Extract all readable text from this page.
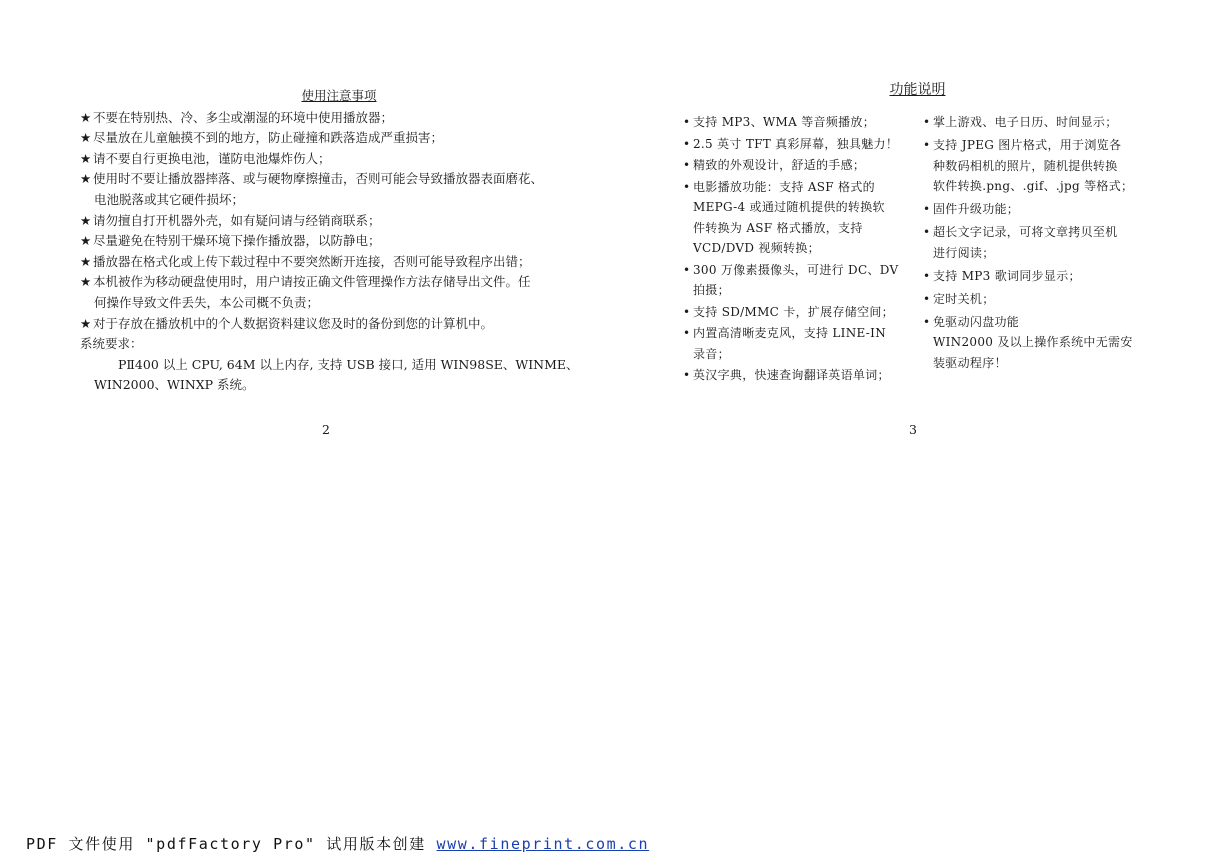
使用注意事项
★ 不要在特别热、冷、多尘或潮湿的环境中使用播放器；
★ 尽量放在儿童触摸不到的地方，防止碰撞和跌落造成严重损害；
★ 请不要自行更换电池，谨防电池爆炸伤人；
★ 使用时不要让播放器摔落、或与硬物摩擦撞击，否则可能会导致播放器表面磨花、
电池脱落或其它硬件损坏；
★ 请勿擅自打开机器外壳，如有疑问请与经销商联系；
★ 尽量避免在特别干燥环境下操作播放器，以防静电；
★ 播放器在格式化或上传下载过程中不要突然断开连接，否则可能导致程序出错；
★ 本机被作为移动硬盘使用时，用户请按正确文件管理操作方法存储导出文件。任
何操作导致文件丢失，本公司概不负责；
★ 对于存放在播放机中的个人数据资料建议您及时的备份到您的计算机中。
系统要求：
PⅡ400 以上 CPU, 64M 以上内存, 支持 USB 接口, 适用 WIN98SE、WINME、
WIN2000、WINXP 系统。
2
功能说明
• 支持 MP3、WMA 等音频播放；
• 2.5 英寸 TFT 真彩屏幕，独具魅力！
• 精致的外观设计，舒适的手感；
• 电影播放功能：支持 ASF 格式的
MEPG-4 或通过随机提供的转换软
件转换为 ASF 格式播放，支持
VCD/DVD 视频转换；
• 300 万像素摄像头，可进行 DC、DV
拍摄；
• 支持 SD/MMC 卡，扩展存储空间；
• 内置高清晰麦克风，支持 LINE-IN
录音；
• 英汉字典，快速查询翻译英语单词；
• 掌上游戏、电子日历、时间显示；
• 支持 JPEG 图片格式，用于浏览各
种数码相机的照片，随机提供转换
软件转换.png、.gif、.jpg 等格式；
• 固件升级功能；
• 超长文字记录，可将文章拷贝至机
进行阅读；
• 支持 MP3 歌词同步显示；
• 定时关机；
• 免驱动闪盘功能
WIN2000 及以上操作系统中无需安
装驱动程序！
3
PDF 文件使用 "pdfFactory Pro" 试用版本创建 www.fineprint.com.cn
